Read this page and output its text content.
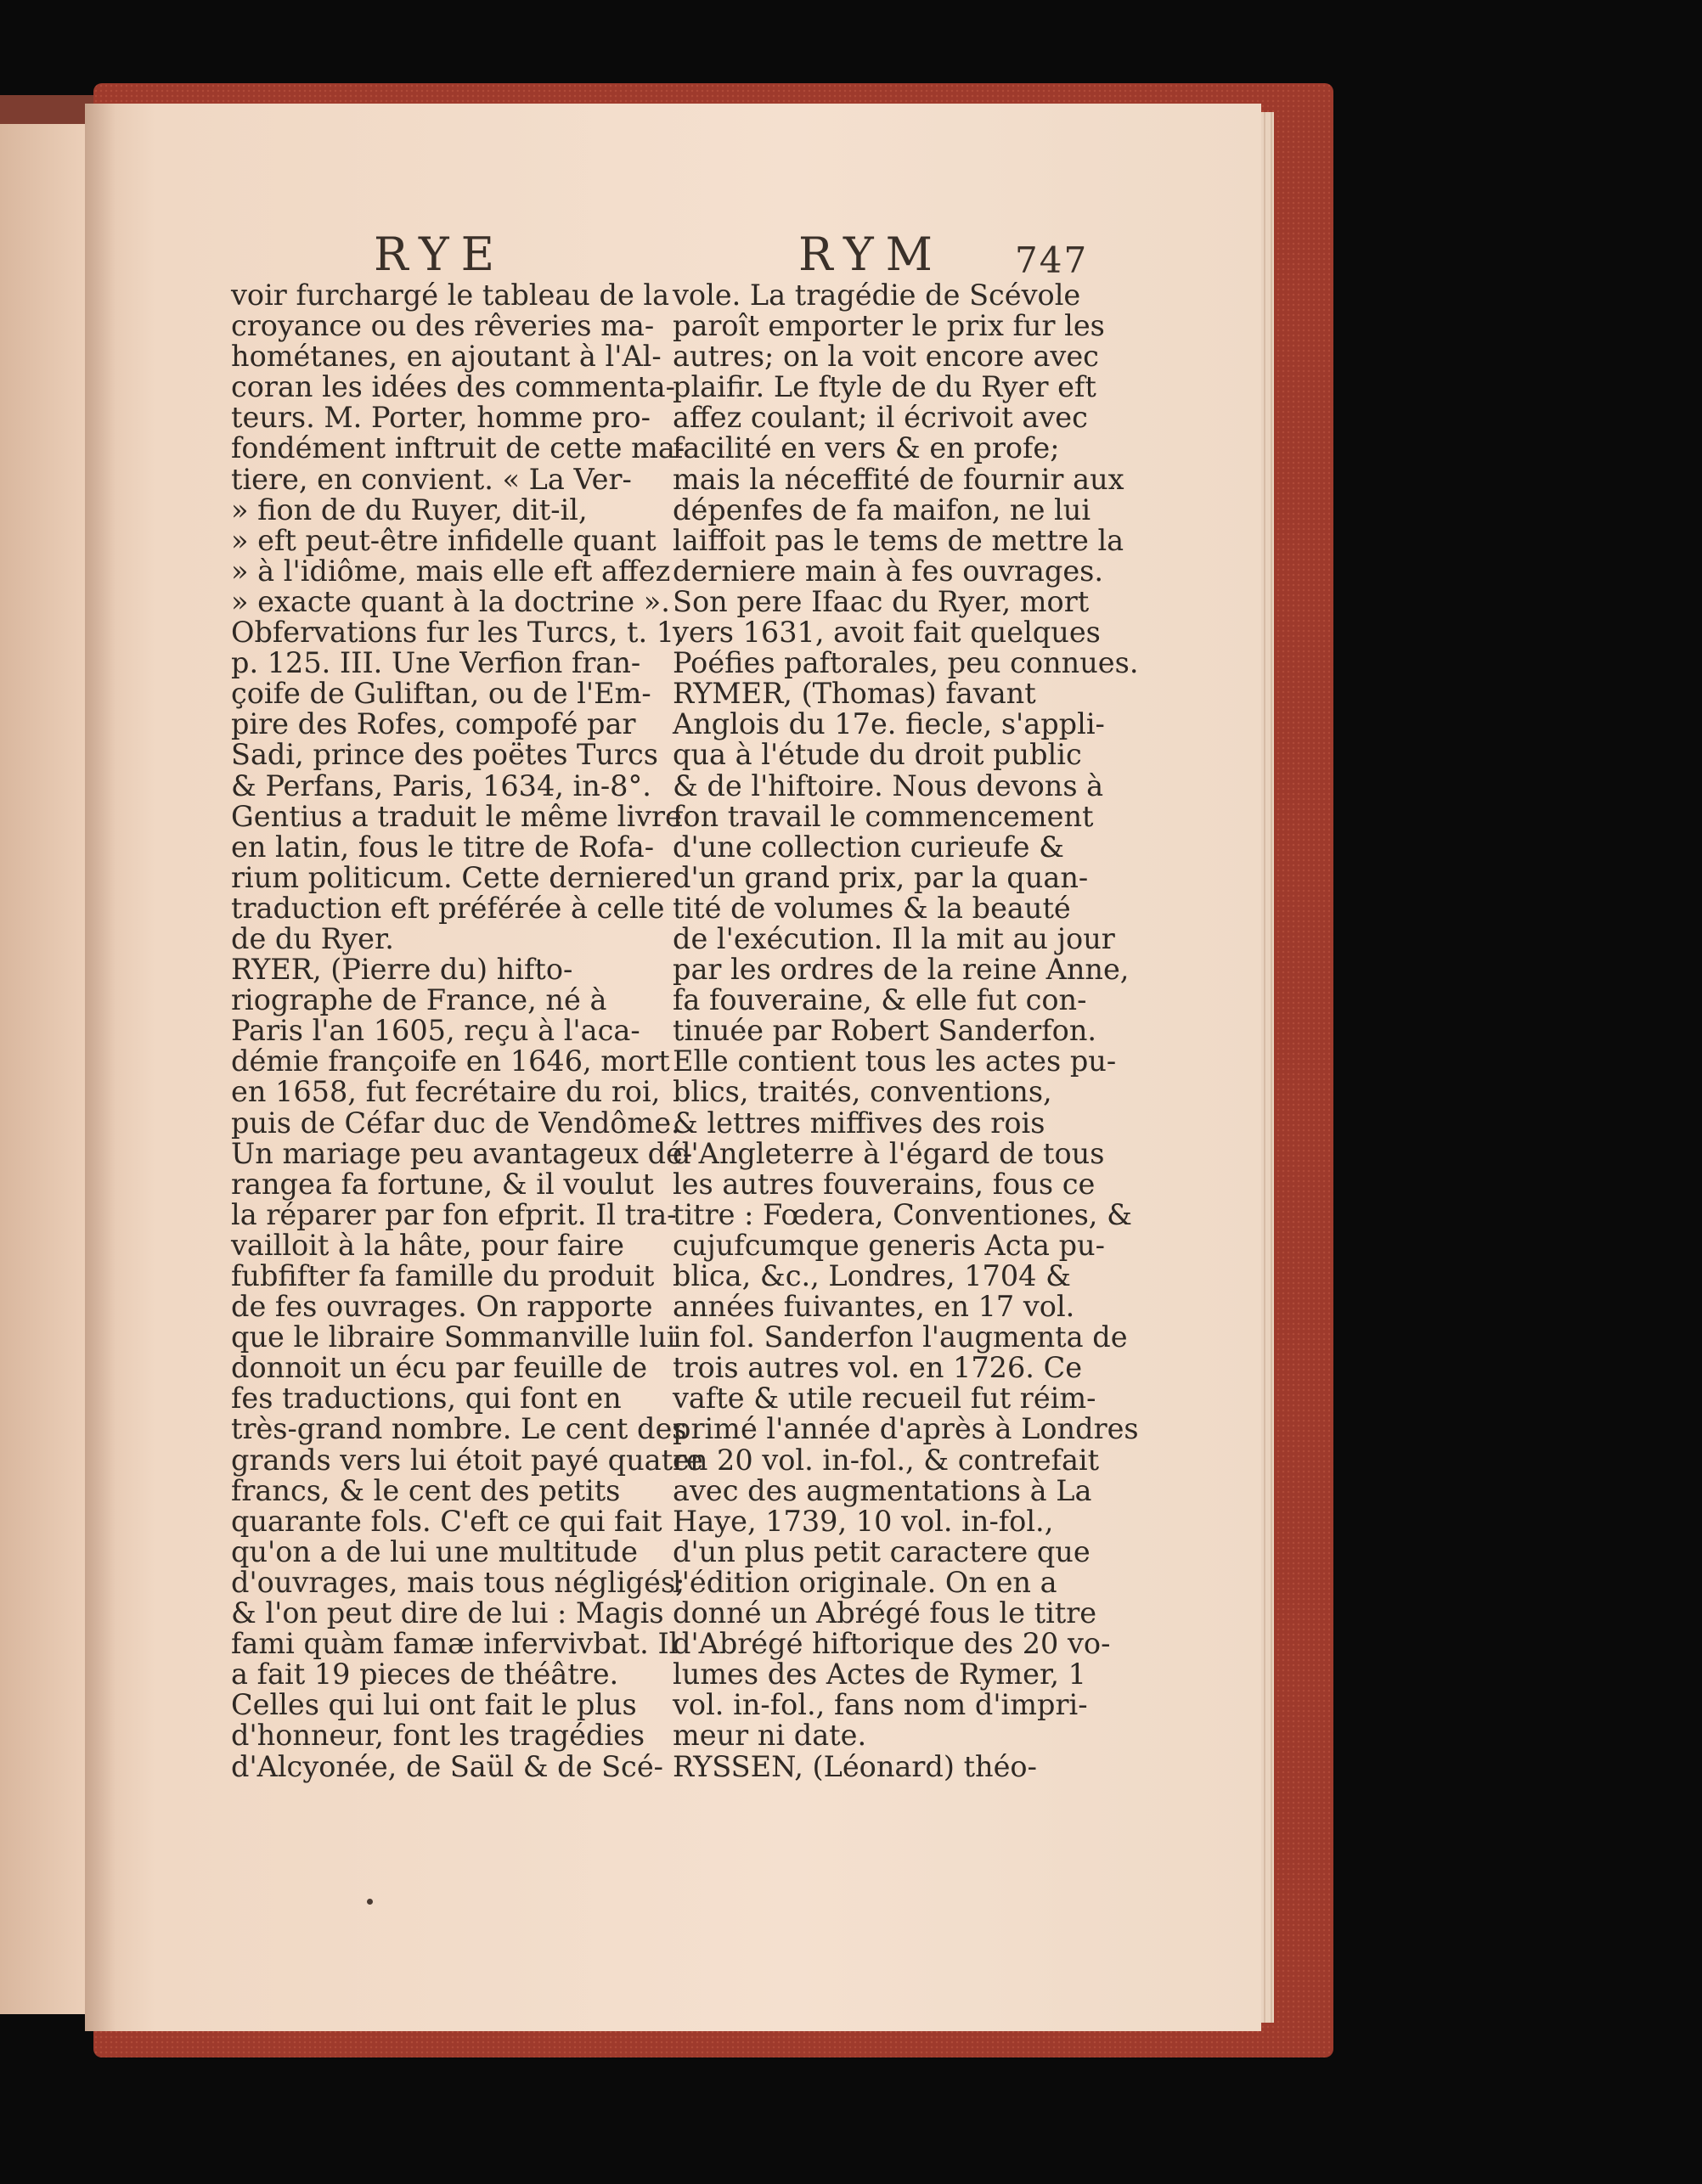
RYE	RYM 747
voir furchargé le tableau de la
croyance ou des rêveries ma-
hométanes, en ajoutant à l'Al-
coran les idées des commenta-
teurs. M. Porter, homme pro-
fondément inftruit de cette ma-
tiere, en convient. « La Ver-
» fion de du Ruyer, dit-il,
» eft peut-être infidelle quant
» à l'idiôme, mais elle eft affez
» exacte quant à la doctrine ».
Obfervations fur les Turcs, t. 1,
p. 125. III. Une Verfion fran-
çoife de Guliftan, ou de l'Em-
pire des Rofes, compofé par
Sadi, prince des poëtes Turcs
& Perfans, Paris, 1634, in-8°.
Gentius a traduit le même livre
en latin, fous le titre de Rofa-
rium politicum. Cette derniere
traduction eft préférée à celle
de du Ryer.
RYER, (Pierre du) hifto-
riographe de France, né à
Paris l'an 1605, reçu à l'aca-
démie françoife en 1646, mort
en 1658, fut fecrétaire du roi,
puis de Céfar duc de Vendôme.
Un mariage peu avantageux dé-
rangea fa fortune, & il voulut
la réparer par fon efprit. Il tra-
vailloit à la hâte, pour faire
fubfifter fa famille du produit
de fes ouvrages. On rapporte
que le libraire Sommanville lui
donnoit un écu par feuille de
fes traductions, qui font en
très-grand nombre. Le cent des
grands vers lui étoit payé quatre
francs, & le cent des petits
quarante fols. C'eft ce qui fait
qu'on a de lui une multitude
d'ouvrages, mais tous négligés;
& l'on peut dire de lui : Magis
fami quàm famæ infervivbat. Il
a fait 19 pieces de théâtre.
Celles qui lui ont fait le plus
d'honneur, font les tragédies
d'Alcyonée, de Saül & de Scé-
vole. La tragédie de Scévole
paroît emporter le prix fur les
autres; on la voit encore avec
plaifir. Le ftyle de du Ryer eft
affez coulant; il écrivoit avec
facilité en vers & en profe;
mais la néceffité de fournir aux
dépenfes de fa maifon, ne lui
laiffoit pas le tems de mettre la
derniere main à fes ouvrages.
Son pere Ifaac du Ryer, mort
vers 1631, avoit fait quelques
Poéfies paftorales, peu connues.
RYMER, (Thomas) favant
Anglois du 17e. fiecle, s'appli-
qua à l'étude du droit public
& de l'hiftoire. Nous devons à
fon travail le commencement
d'une collection curieufe &
d'un grand prix, par la quan-
tité de volumes & la beauté
de l'exécution. Il la mit au jour
par les ordres de la reine Anne,
fa fouveraine, & elle fut con-
tinuée par Robert Sanderfon.
Elle contient tous les actes pu-
blics, traités, conventions,
& lettres miffives des rois
d'Angleterre à l'égard de tous
les autres fouverains, fous ce
titre : Fœdera, Conventiones, &
cujufcumque generis Acta pu-
blica, &c., Londres, 1704 &
années fuivantes, en 17 vol.
in fol. Sanderfon l'augmenta de
trois autres vol. en 1726. Ce
vafte & utile recueil fut réim-
primé l'année d'après à Londres
en 20 vol. in-fol., & contrefait
avec des augmentations à La
Haye, 1739, 10 vol. in-fol.,
d'un plus petit caractere que
l'édition originale. On en a
donné un Abrégé fous le titre
d'Abrégé hiftorique des 20 vo-
lumes des Actes de Rymer, 1
vol. in-fol., fans nom d'impri-
meur ni date.
RYSSEN, (Léonard) théo-
